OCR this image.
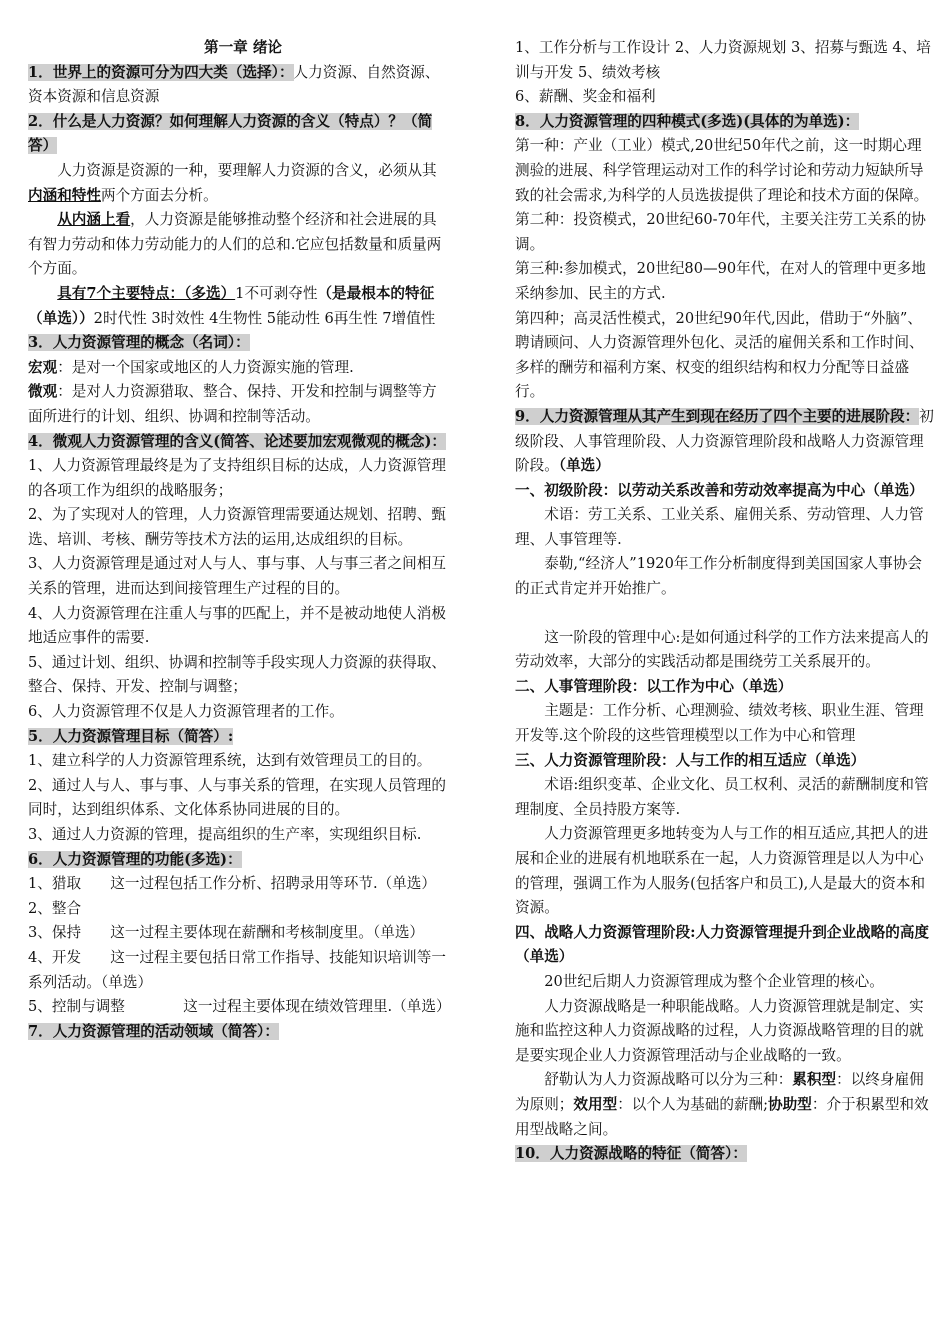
第一章 绪论

1．世界上的资源可分为四大类（选择）：人力资源、自然资源、资本资源和信息资源

2．什么是人力资源？如何理解人力资源的含义（特点）？（简答）

人力资源是资源的一种，要理解人力资源的含义，必须从其内涵和特性两个方面去分析。

从内涵上看，人力资源是能够推动整个经济和社会进展的具有智力劳动和体力劳动能力的人们的总和.它应包括数量和质量两个方面。

具有7个主要特点：（多选）1不可剥夺性（是最根本的特征（单选））2时代性 3时效性 4生物性 5能动性 6再生性 7增值性

3．人力资源管理的概念（名词）：

宏观：是对一个国家或地区的人力资源实施的管理.

微观：是对人力资源猎取、整合、保持、开发和控制与调整等方面所进行的计划、组织、协调和控制等活动。

4．微观人力资源管理的含义(简答、论述要加宏观微观的概念)：

1、人力资源管理最终是为了支持组织目标的达成，人力资源管理的各项工作为组织的战略服务；

2、为了实现对人的管理，人力资源管理需要通达规划、招聘、甄选、培训、考核、酬劳等技术方法的运用,达成组织的目标。

3、人力资源管理是通过对人与人、事与事、人与事三者之间相互关系的管理，进而达到间接管理生产过程的目的。

4、人力资源管理在注重人与事的匹配上，并不是被动地使人消极地适应事件的需要.

5、通过计划、组织、协调和控制等手段实现人力资源的获得取、整合、保持、开发、控制与调整；

6、人力资源管理不仅是人力资源管理者的工作。

5．人力资源管理目标（简答）:

1、建立科学的人力资源管理系统，达到有效管理员工的目的。

2、通过人与人、事与事、人与事关系的管理，在实现人员管理的同时，达到组织体系、文化体系协同进展的目的。

3、通过人力资源的管理，提高组织的生产率，实现组织目标.

6．人力资源管理的功能(多选)：

1、猎取　　这一过程包括工作分析、招聘录用等环节.（单选）

2、整合

3、保持　　这一过程主要体现在薪酬和考核制度里。（单选）

4、开发　　这一过程主要包括日常工作指导、技能知识培训等一系列活动。（单选）

5、控制与调整　　　　这一过程主要体现在绩效管理里.（单选）

7．人力资源管理的活动领域（简答）：

1、工作分析与工作设计 2、人力资源规划 3、招募与甄选 4、培训与开发 5、绩效考核

6、薪酬、奖金和福利

8．人力资源管理的四种模式(多选)(具体的为单选)：

第一种：产业（工业）模式,20世纪50年代之前，这一时期心理测验的进展、科学管理运动对工作的科学讨论和劳动力短缺所导致的社会需求,为科学的人员选拔提供了理论和技术方面的保障。

第二种：投资模式，20世纪60-70年代，主要关注劳工关系的协调。

第三种:参加模式，20世纪80—90年代，在对人的管理中更多地采纳参加、民主的方式.

第四种；高灵活性模式，20世纪90年代,因此，借助于“外脑”、聘请顾问、人力资源管理外包化、灵活的雇佣关系和工作时间、多样的酬劳和福利方案、权变的组织结构和权力分配等日益盛行。

9．人力资源管理从其产生到现在经历了四个主要的进展阶段：初级阶段、人事管理阶段、人力资源管理阶段和战略人力资源管理阶段。（单选）

一、初级阶段：以劳动关系改善和劳动效率提高为中心（单选）

术语：劳工关系、工业关系、雇佣关系、劳动管理、人力管理、人事管理等.

泰勒,“经济人”1920年工作分析制度得到美国国家人事协会的正式肯定并开始推广。

这一阶段的管理中心:是如何通过科学的工作方法来提高人的劳动效率，大部分的实践活动都是围绕劳工关系展开的。

二、人事管理阶段：以工作为中心（单选）

主题是：工作分析、心理测验、绩效考核、职业生涯、管理开发等.这个阶段的这些管理模型以工作为中心和管理

三、人力资源管理阶段：人与工作的相互适应（单选）

术语:组织变革、企业文化、员工权利、灵活的薪酬制度和管理制度、全员持股方案等.

人力资源管理更多地转变为人与工作的相互适应,其把人的进展和企业的进展有机地联系在一起，人力资源管理是以人为中心的管理，强调工作为人服务(包括客户和员工),人是最大的资本和资源。

四、战略人力资源管理阶段:人力资源管理提升到企业战略的高度（单选）

20世纪后期人力资源管理成为整个企业管理的核心。

人力资源战略是一种职能战略。人力资源管理就是制定、实施和监控这种人力资源战略的过程，人力资源战略管理的目的就是要实现企业人力资源管理活动与企业战略的一致。

舒勒认为人力资源战略可以分为三种：累积型：以终身雇佣为原则；效用型：以个人为基础的薪酬;协助型：介于积累型和效用型战略之间。

10．人力资源战略的特征（简答）：
